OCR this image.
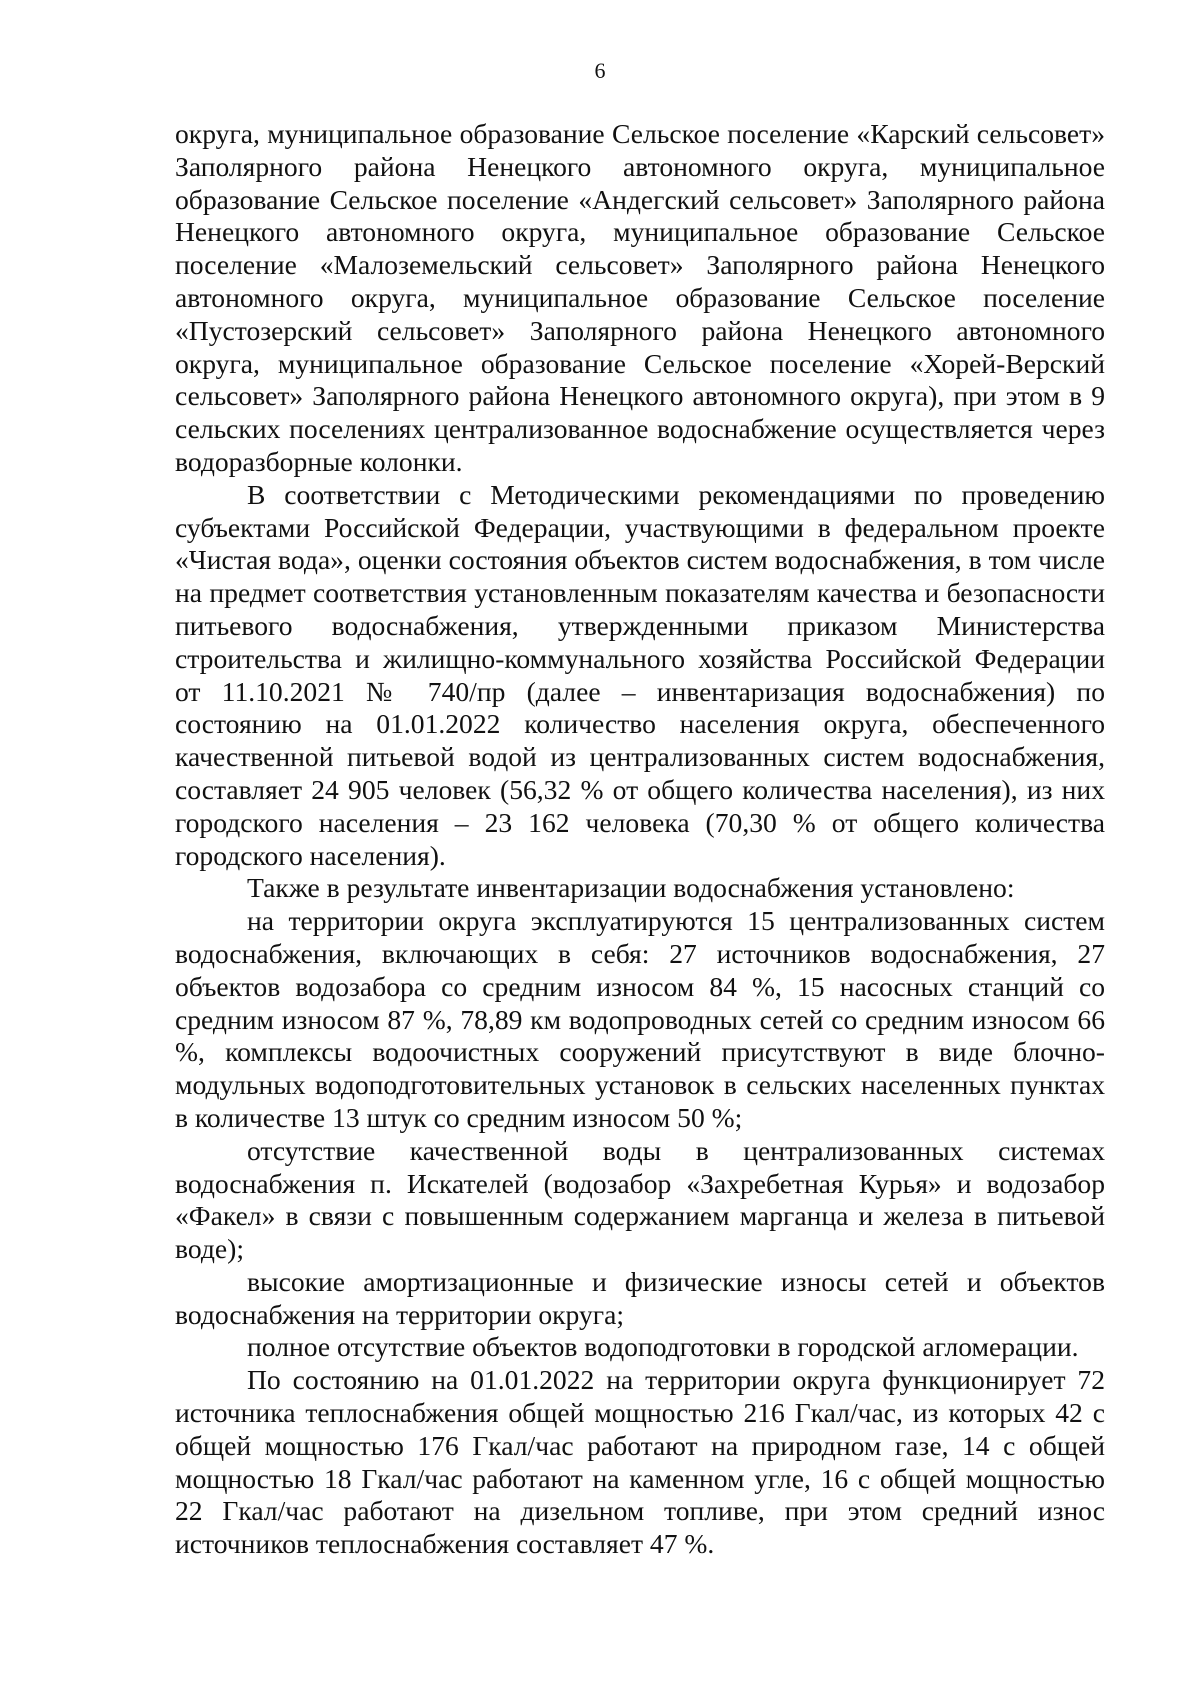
6

округа, муниципальное образование Сельское поселение «Карский сельсовет» Заполярного района Ненецкого автономного округа, муниципальное образование Сельское поселение «Андегский сельсовет» Заполярного района Ненецкого автономного округа, муниципальное образование Сельское поселение «Малоземельский сельсовет» Заполярного района Ненецкого автономного округа, муниципальное образование Сельское поселение «Пустозерский сельсовет» Заполярного района Ненецкого автономного округа, муниципальное образование Сельское поселение «Хорей-Верский сельсовет» Заполярного района Ненецкого автономного округа), при этом в 9 сельских поселениях централизованное водоснабжение осуществляется через водоразборные колонки.

В соответствии с Методическими рекомендациями по проведению субъектами Российской Федерации, участвующими в федеральном проекте «Чистая вода», оценки состояния объектов систем водоснабжения, в том числе на предмет соответствия установленным показателям качества и безопасности питьевого водоснабжения, утвержденными приказом Министерства строительства и жилищно-коммунального хозяйства Российской Федерации от 11.10.2021 № 740/пр (далее – инвентаризация водоснабжения) по состоянию на 01.01.2022 количество населения округа, обеспеченного качественной питьевой водой из централизованных систем водоснабжения, составляет 24 905 человек (56,32 % от общего количества населения), из них городского населения – 23 162 человека (70,30 % от общего количества городского населения).

Также в результате инвентаризации водоснабжения установлено:

на территории округа эксплуатируются 15 централизованных систем водоснабжения, включающих в себя: 27 источников водоснабжения, 27 объектов водозабора со средним износом 84 %, 15 насосных станций со средним износом 87 %, 78,89 км водопроводных сетей со средним износом 66 %, комплексы водоочистных сооружений присутствуют в виде блочно-модульных водоподготовительных установок в сельских населенных пунктах в количестве 13 штук со средним износом 50 %;

отсутствие качественной воды в централизованных системах водоснабжения п. Искателей (водозабор «Захребетная Курья» и водозабор «Факел» в связи с повышенным содержанием марганца и железа в питьевой воде);

высокие амортизационные и физические износы сетей и объектов водоснабжения на территории округа;

полное отсутствие объектов водоподготовки в городской агломерации.

По состоянию на 01.01.2022 на территории округа функционирует 72 источника теплоснабжения общей мощностью 216 Гкал/час, из которых 42 с общей мощностью 176 Гкал/час работают на природном газе, 14 с общей мощностью 18 Гкал/час работают на каменном угле, 16 с общей мощностью 22 Гкал/час работают на дизельном топливе, при этом средний износ источников теплоснабжения составляет 47 %.
